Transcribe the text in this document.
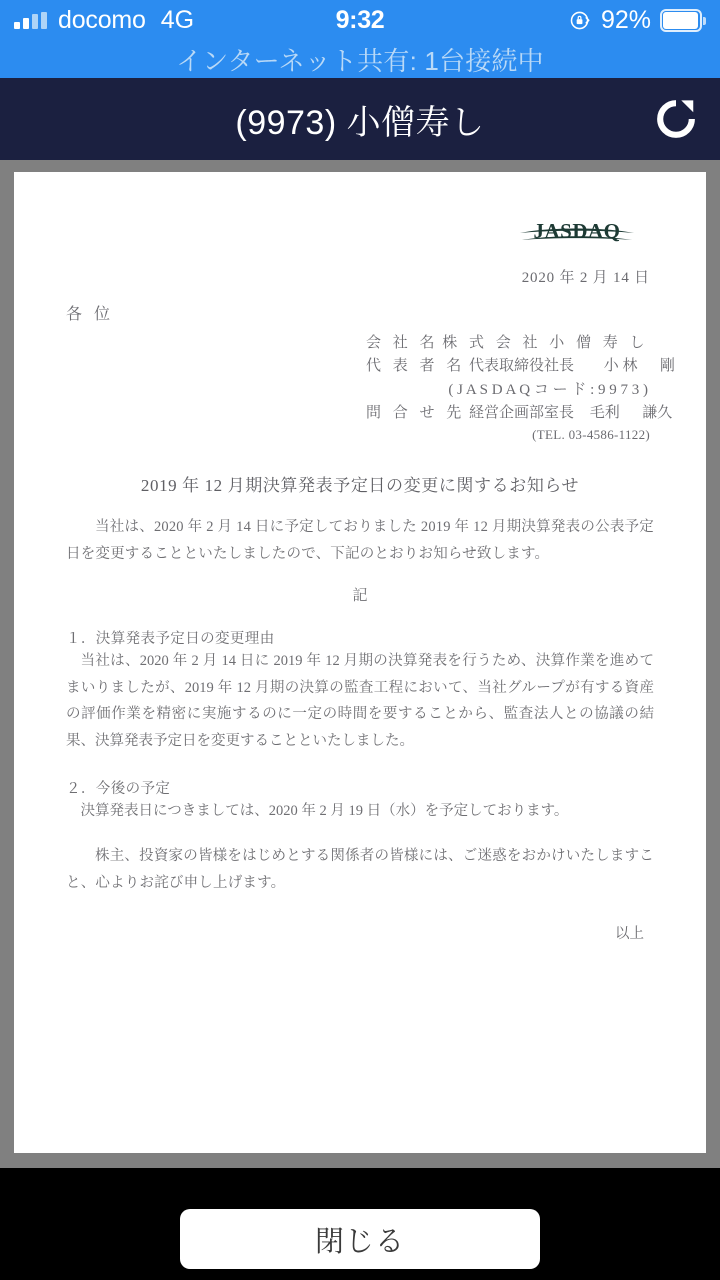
docomo 4G	9:32	92%
インターネット共有: 1台接続中
(9973) 小僧寿し
JASDAQ
2020 年 2 月 14 日
各 位
会 社 名 株 式 会 社 小 僧 寿 し
代 表 者 名 代表取締役社長 小 林 　 剛
( J A S D A Q コ ー ド : 9 9 7 3 )
問 合 せ 先 経営企画部室長 毛利 　 謙久
(TEL. 03-4586-1122)
2019 年 12 月期決算発表予定日の変更に関するお知らせ
当社は、2020 年 2 月 14 日に予定しておりました 2019 年 12 月期決算発表の公表予定日を変更することといたしましたので、下記のとおりお知らせ致します。
記
１．決算発表予定日の変更理由
当社は、2020 年 2 月 14 日に 2019 年 12 月期の決算発表を行うため、決算作業を進めてまいりましたが、2019 年 12 月期の決算の監査工程において、当社グループが有する資産の評価作業を精密に実施するのに一定の時間を要することから、監査法人との協議の結果、決算発表予定日を変更することといたしました。
２．今後の予定
決算発表日につきましては、2020 年 2 月 19 日（水）を予定しております。
株主、投資家の皆様をはじめとする関係者の皆様には、ご迷惑をおかけいたしますこと、心よりお詫び申し上げます。
以上
閉じる
